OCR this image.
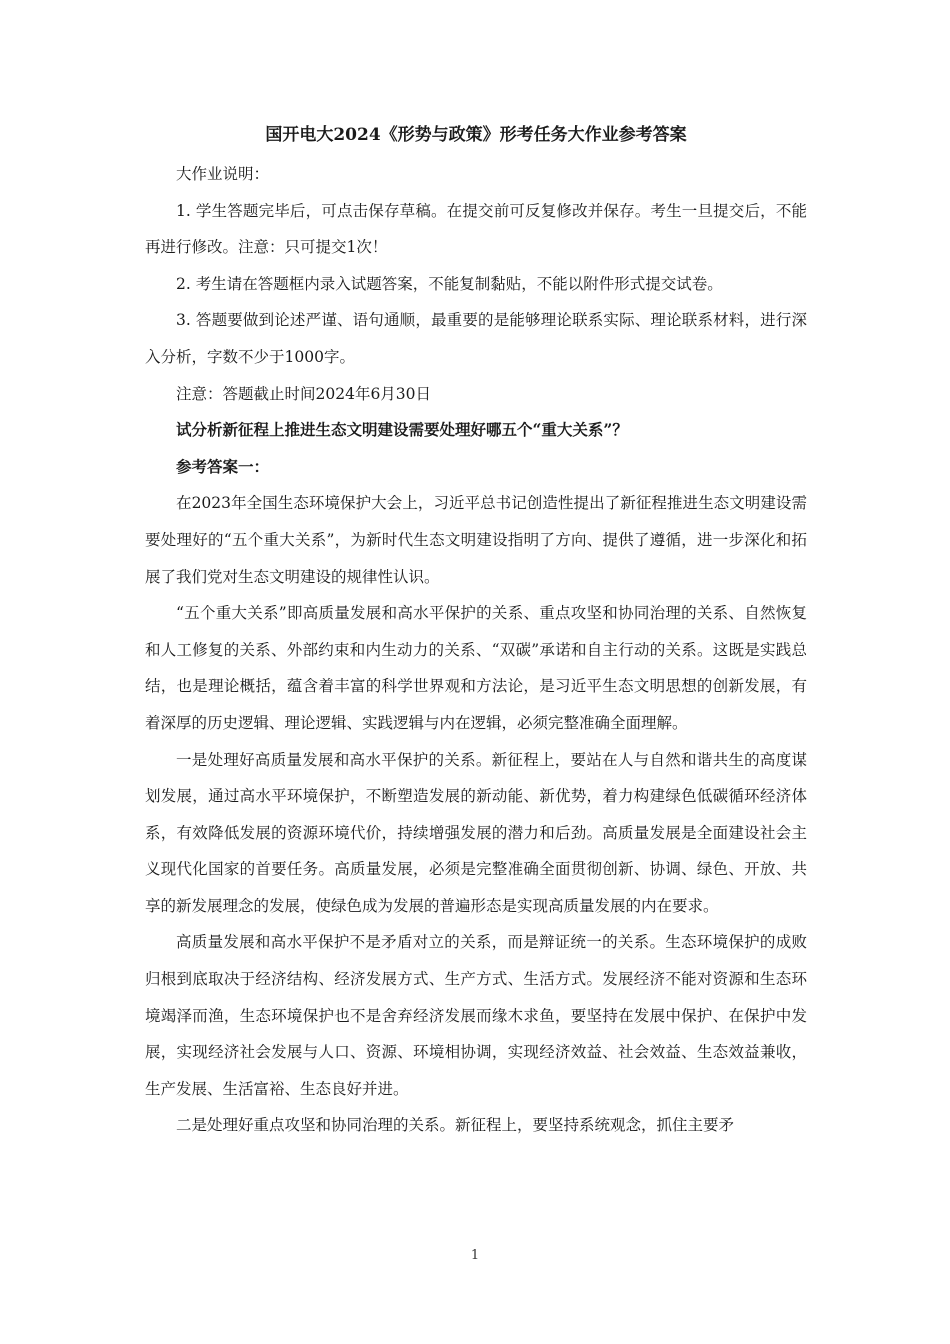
国开电大2024《形势与政策》形考任务大作业参考答案

大作业说明：

1. 学生答题完毕后，可点击保存草稿。在提交前可反复修改并保存。考生一旦提交后，不能再进行修改。注意：只可提交1次！

2. 考生请在答题框内录入试题答案，不能复制黏贴，不能以附件形式提交试卷。

3. 答题要做到论述严谨、语句通顺，最重要的是能够理论联系实际、理论联系材料，进行深入分析，字数不少于1000字。

注意：答题截止时间2024年6月30日

试分析新征程上推进生态文明建设需要处理好哪五个“重大关系”？

参考答案一：

在2023年全国生态环境保护大会上，习近平总书记创造性提出了新征程推进生态文明建设需要处理好的“五个重大关系”，为新时代生态文明建设指明了方向、提供了遵循，进一步深化和拓展了我们党对生态文明建设的规律性认识。

“五个重大关系”即高质量发展和高水平保护的关系、重点攻坚和协同治理的关系、自然恢复和人工修复的关系、外部约束和内生动力的关系、“双碳”承诺和自主行动的关系。这既是实践总结，也是理论概括，蕴含着丰富的科学世界观和方法论，是习近平生态文明思想的创新发展，有着深厚的历史逻辑、理论逻辑、实践逻辑与内在逻辑，必须完整准确全面理解。

一是处理好高质量发展和高水平保护的关系。新征程上，要站在人与自然和谐共生的高度谋划发展，通过高水平环境保护，不断塑造发展的新动能、新优势，着力构建绿色低碳循环经济体系，有效降低发展的资源环境代价，持续增强发展的潜力和后劲。高质量发展是全面建设社会主义现代化国家的首要任务。高质量发展，必须是完整准确全面贯彻创新、协调、绿色、开放、共享的新发展理念的发展，使绿色成为发展的普遍形态是实现高质量发展的内在要求。

高质量发展和高水平保护不是矛盾对立的关系，而是辩证统一的关系。生态环境保护的成败归根到底取决于经济结构、经济发展方式、生产方式、生活方式。发展经济不能对资源和生态环境竭泽而渔，生态环境保护也不是舍弃经济发展而缘木求鱼，要坚持在发展中保护、在保护中发展，实现经济社会发展与人口、资源、环境相协调，实现经济效益、社会效益、生态效益兼收，生产发展、生活富裕、生态良好并进。

二是处理好重点攻坚和协同治理的关系。新征程上，要坚持系统观念，抓住主要矛

1
